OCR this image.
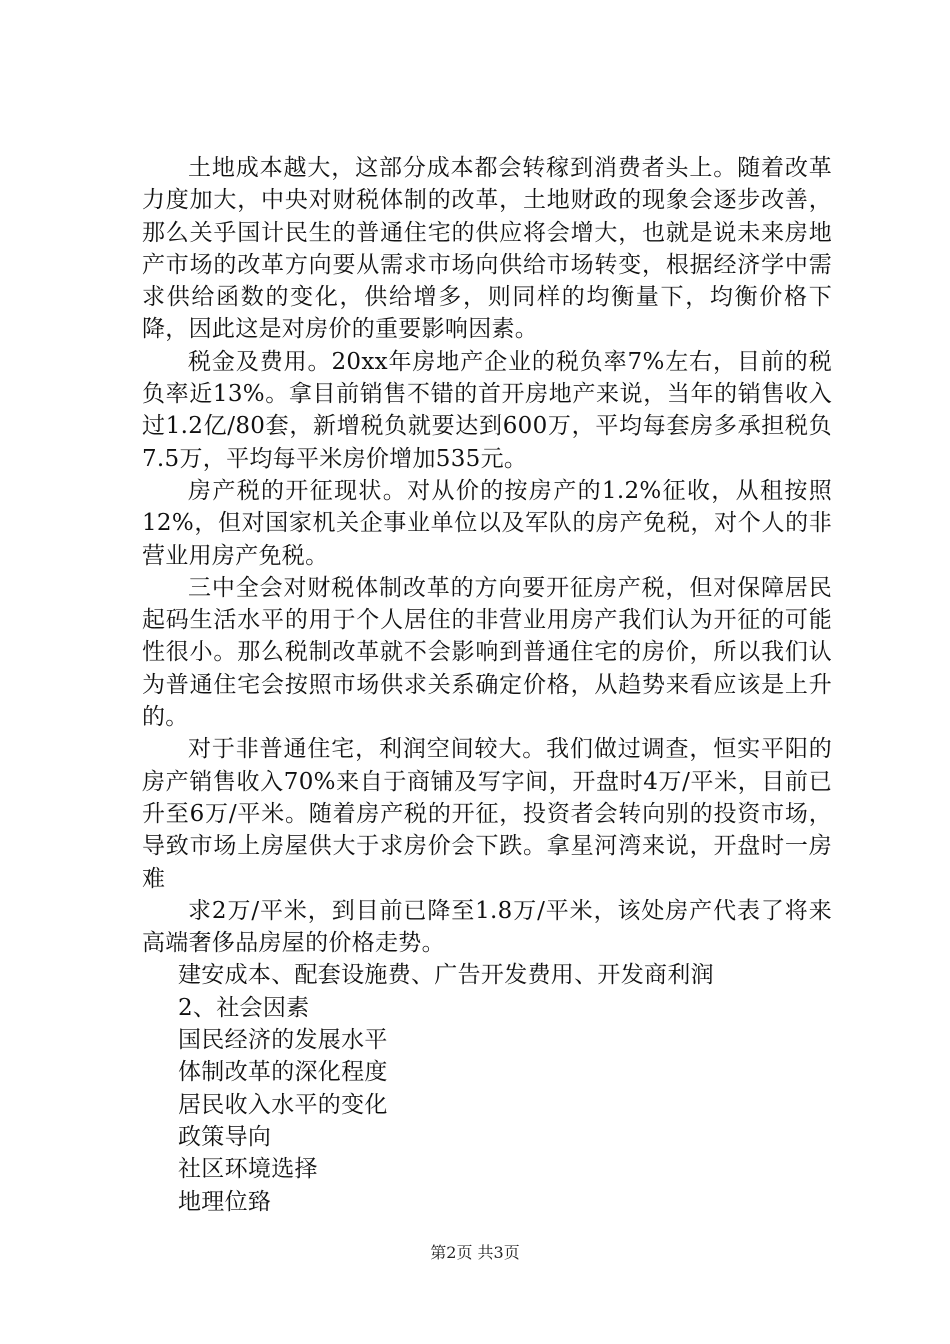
土地成本越大，这部分成本都会转稼到消费者头上。随着改革力度加大，中央对财税体制的改革，土地财政的现象会逐步改善，那么关乎国计民生的普通住宅的供应将会增大，也就是说未来房地产市场的改革方向要从需求市场向供给市场转变，根据经济学中需求供给函数的变化，供给增多，则同样的均衡量下，均衡价格下降，因此这是对房价的重要影响因素。

税金及费用。20xx年房地产企业的税负率7%左右，目前的税负率近13%。拿目前销售不错的首开房地产来说，当年的销售收入过1.2亿/80套，新增税负就要达到600万，平均每套房多承担税负7.5万，平均每平米房价增加535元。

房产税的开征现状。对从价的按房产的1.2%征收，从租按照12%，但对国家机关企事业单位以及军队的房产免税，对个人的非营业用房产免税。

三中全会对财税体制改革的方向要开征房产税，但对保障居民起码生活水平的用于个人居住的非营业用房产我们认为开征的可能性很小。那么税制改革就不会影响到普通住宅的房价，所以我们认为普通住宅会按照市场供求关系确定价格，从趋势来看应该是上升的。

对于非普通住宅，利润空间较大。我们做过调查，恒实平阳的房产销售收入70%来自于商铺及写字间，开盘时4万/平米，目前已升至6万/平米。随着房产税的开征，投资者会转向别的投资市场，导致市场上房屋供大于求房价会下跌。拿星河湾来说，开盘时一房难

求2万/平米，到目前已降至1.8万/平米，该处房产代表了将来高端奢侈品房屋的价格走势。

建安成本、配套设施费、广告开发费用、开发商利润

2、社会因素

国民经济的发展水平

体制改革的深化程度

居民收入水平的变化

政策导向

社区环境选择

地理位臵

第2页 共3页
